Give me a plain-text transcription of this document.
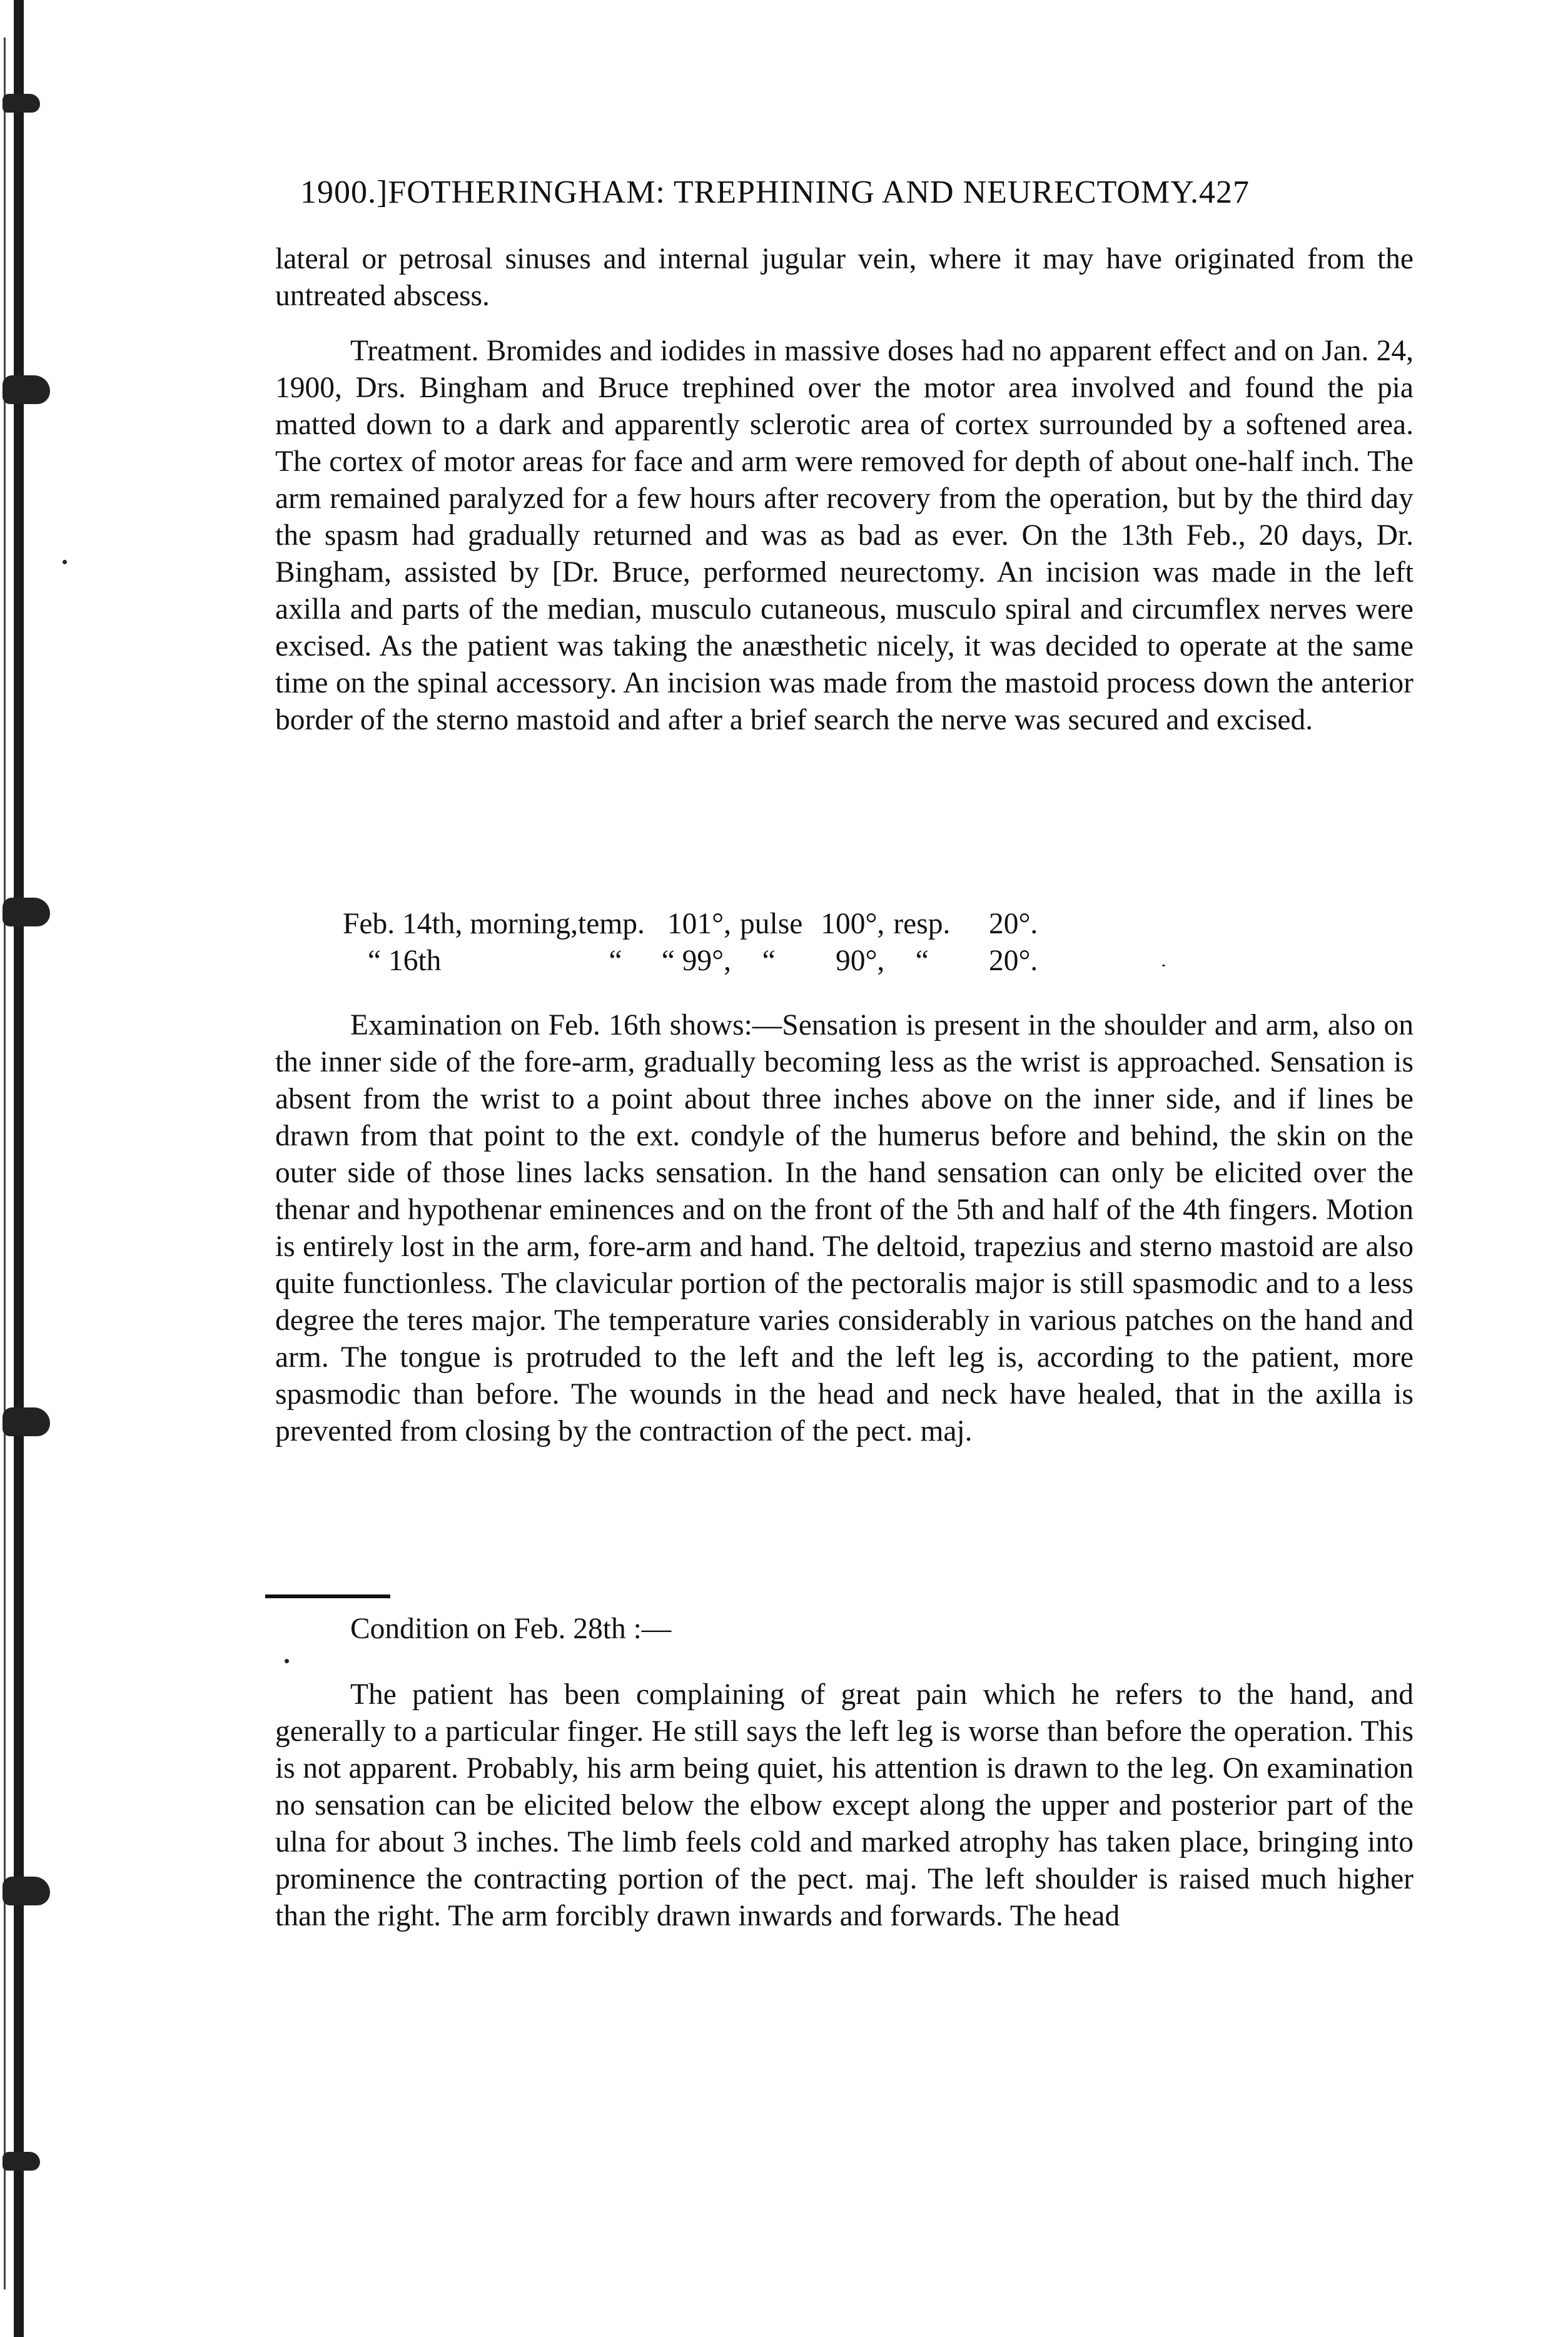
1900.]FOTHERINGHAM: TREPHINING AND NEURECTOMY.427
lateral or petrosal sinuses and internal jugular vein, where it may have originated from the untreated abscess.
Treatment. Bromides and iodides in massive doses had no apparent effect and on Jan. 24, 1900, Drs. Bingham and Bruce trephined over the motor area involved and found the pia matted down to a dark and apparently sclerotic area of cortex surrounded by a softened area. The cortex of motor areas for face and arm were removed for depth of about one-half inch. The arm remained paralyzed for a few hours after recovery from the operation, but by the third day the spasm had gradually returned and was as bad as ever. On the 13th Feb., 20 days, Dr. Bingham, assisted by [Dr. Bruce, performed neurectomy. An incision was made in the left axilla and parts of the median, musculo cutaneous, musculo spiral and circumflex nerves were excised. As the patient was taking the anæsthetic nicely, it was decided to operate at the same time on the spinal accessory. An incision was made from the mastoid process down the anterior border of the sterno mastoid and after a brief search the nerve was secured and excised.
Feb. 14th, morning,	temp.	101°,	pulse	100°,	resp.	20°.
“ 16th	“	“ 99°,	“	90°,	“	20°.
Examination on Feb. 16th shows:—Sensation is present in the shoulder and arm, also on the inner side of the fore-arm, gradually becoming less as the wrist is approached. Sensation is absent from the wrist to a point about three inches above on the inner side, and if lines be drawn from that point to the ext. condyle of the humerus before and behind, the skin on the outer side of those lines lacks sensation. In the hand sensation can only be elicited over the thenar and hypothenar eminences and on the front of the 5th and half of the 4th fingers. Motion is entirely lost in the arm, fore-arm and hand. The deltoid, trapezius and sterno mastoid are also quite functionless. The clavicular portion of the pectoralis major is still spasmodic and to a less degree the teres major. The temperature varies considerably in various patches on the hand and arm. The tongue is protruded to the left and the left leg is, according to the patient, more spasmodic than before. The wounds in the head and neck have healed, that in the axilla is prevented from closing by the contraction of the pect. maj.
Condition on Feb. 28th :—
The patient has been complaining of great pain which he refers to the hand, and generally to a particular finger. He still says the left leg is worse than before the operation. This is not apparent. Probably, his arm being quiet, his attention is drawn to the leg. On examination no sensation can be elicited below the elbow except along the upper and posterior part of the ulna for about 3 inches. The limb feels cold and marked atrophy has taken place, bringing into prominence the contracting portion of the pect. maj. The left shoulder is raised much higher than the right. The arm forcibly drawn inwards and forwards. The head
